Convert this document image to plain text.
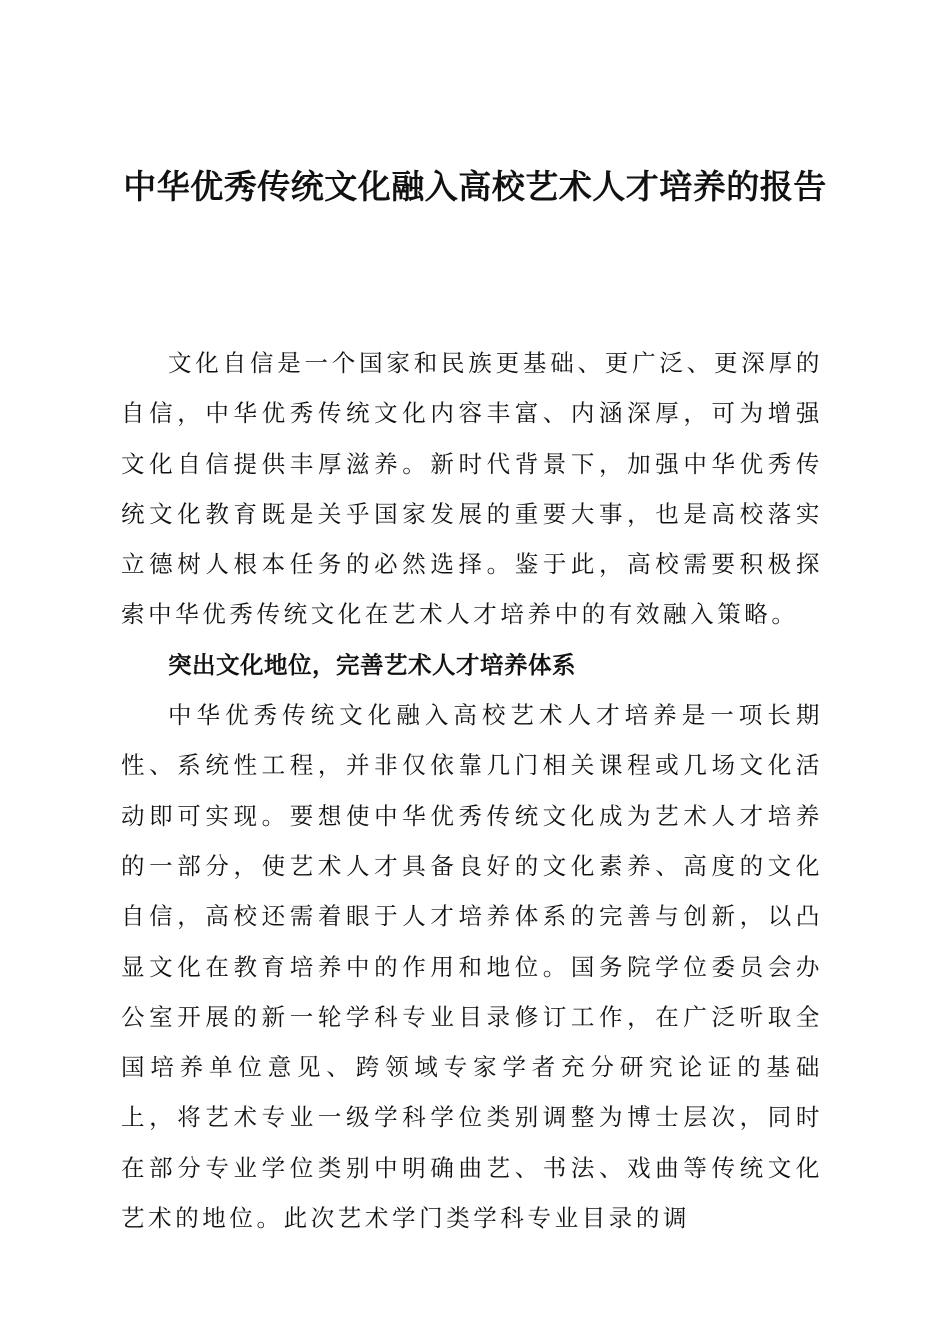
中华优秀传统文化融入高校艺术人才培养的报告

文化自信是一个国家和民族更基础、更广泛、更深厚的自信，中华优秀传统文化内容丰富、内涵深厚，可为增强文化自信提供丰厚滋养。新时代背景下，加强中华优秀传统文化教育既是关乎国家发展的重要大事，也是高校落实立德树人根本任务的必然选择。鉴于此，高校需要积极探索中华优秀传统文化在艺术人才培养中的有效融入策略。

突出文化地位，完善艺术人才培养体系

中华优秀传统文化融入高校艺术人才培养是一项长期性、系统性工程，并非仅依靠几门相关课程或几场文化活动即可实现。要想使中华优秀传统文化成为艺术人才培养的一部分，使艺术人才具备良好的文化素养、高度的文化自信，高校还需着眼于人才培养体系的完善与创新，以凸显文化在教育培养中的作用和地位。国务院学位委员会办公室开展的新一轮学科专业目录修订工作，在广泛听取全国培养单位意见、跨领域专家学者充分研究论证的基础上，将艺术专业一级学科学位类别调整为博士层次，同时在部分专业学位类别中明确曲艺、书法、戏曲等传统文化艺术的地位。此次艺术学门类学科专业目录的调
